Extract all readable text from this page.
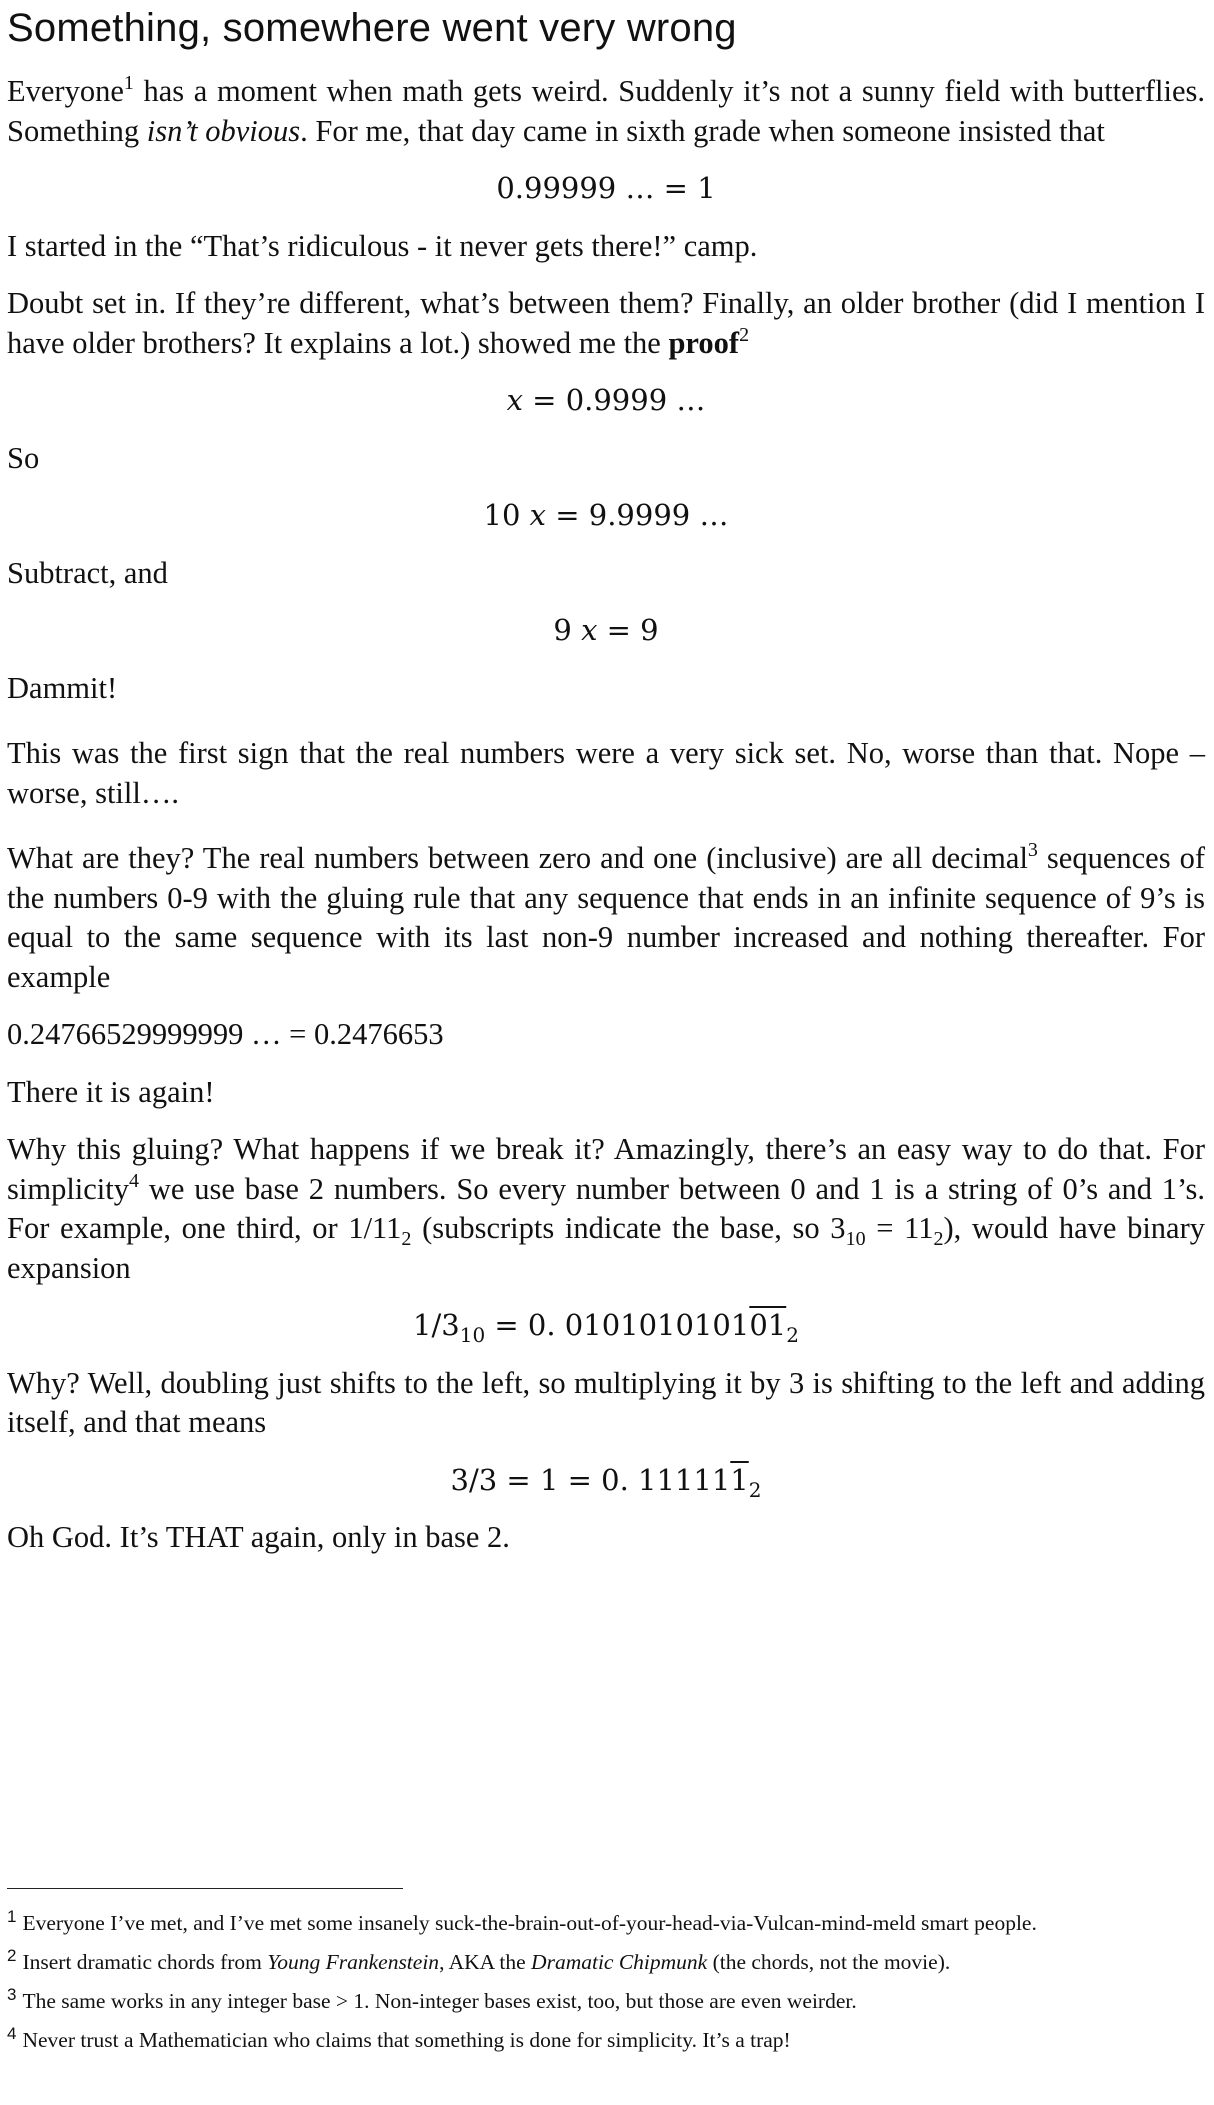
Something, somewhere went very wrong

Everyone$^1$ has a moment when math gets weird. Suddenly it’s not a sunny field with butterflies. Something isn’t obvious. For me, that day came in sixth grade when someone insisted that

0.99999 … = 1

I started in the “That’s ridiculous - it never gets there!” camp.

Doubt set in. If they’re different, what’s between them? Finally, an older brother (did I mention I have older brothers? It explains a lot.) showed me the proof$^2$

x = 0.9999 …

So

10 x = 9.9999 …

Subtract, and

9 x = 9

Dammit!

This was the first sign that the real numbers were a very sick set. No, worse than that. Nope – worse, still….

What are they? The real numbers between zero and one (inclusive) are all decimal$^3$ sequences of the numbers 0-9 with the gluing rule that any sequence that ends in an infinite sequence of 9’s is equal to the same sequence with its last non-9 number increased and nothing thereafter. For example

0.24766529999999 … = 0.2476653

There it is again!

Why this gluing? What happens if we break it? Amazingly, there’s an easy way to do that. For simplicity$^4$ we use base 2 numbers. So every number between 0 and 1 is a string of 0’s and 1’s. For example, one third, or $1/11_2$ (subscripts indicate the base, so $3_{10} = 11_2$), would have binary expansion

$1/3_{10} = 0$. $010101010101_2$

Why? Well, doubling just shifts to the left, so multiplying it by 3 is shifting to the left and adding itself, and that means

3/3 = 1 = 0. $111111_2$

Oh God. It’s THAT again, only in base 2.

$^1$ Everyone I’ve met, and I’ve met some insanely suck-the-brain-out-of-your-head-via-Vulcan-mind-meld smart people.

$^2$ Insert dramatic chords from Young Frankenstein, AKA the Dramatic Chipmunk (the chords, not the movie).

$^3$ The same works in any integer base > 1. Non-integer bases exist, too, but those are even weirder.

$^4$ Never trust a Mathematician who claims that something is done for simplicity. It’s a trap!
